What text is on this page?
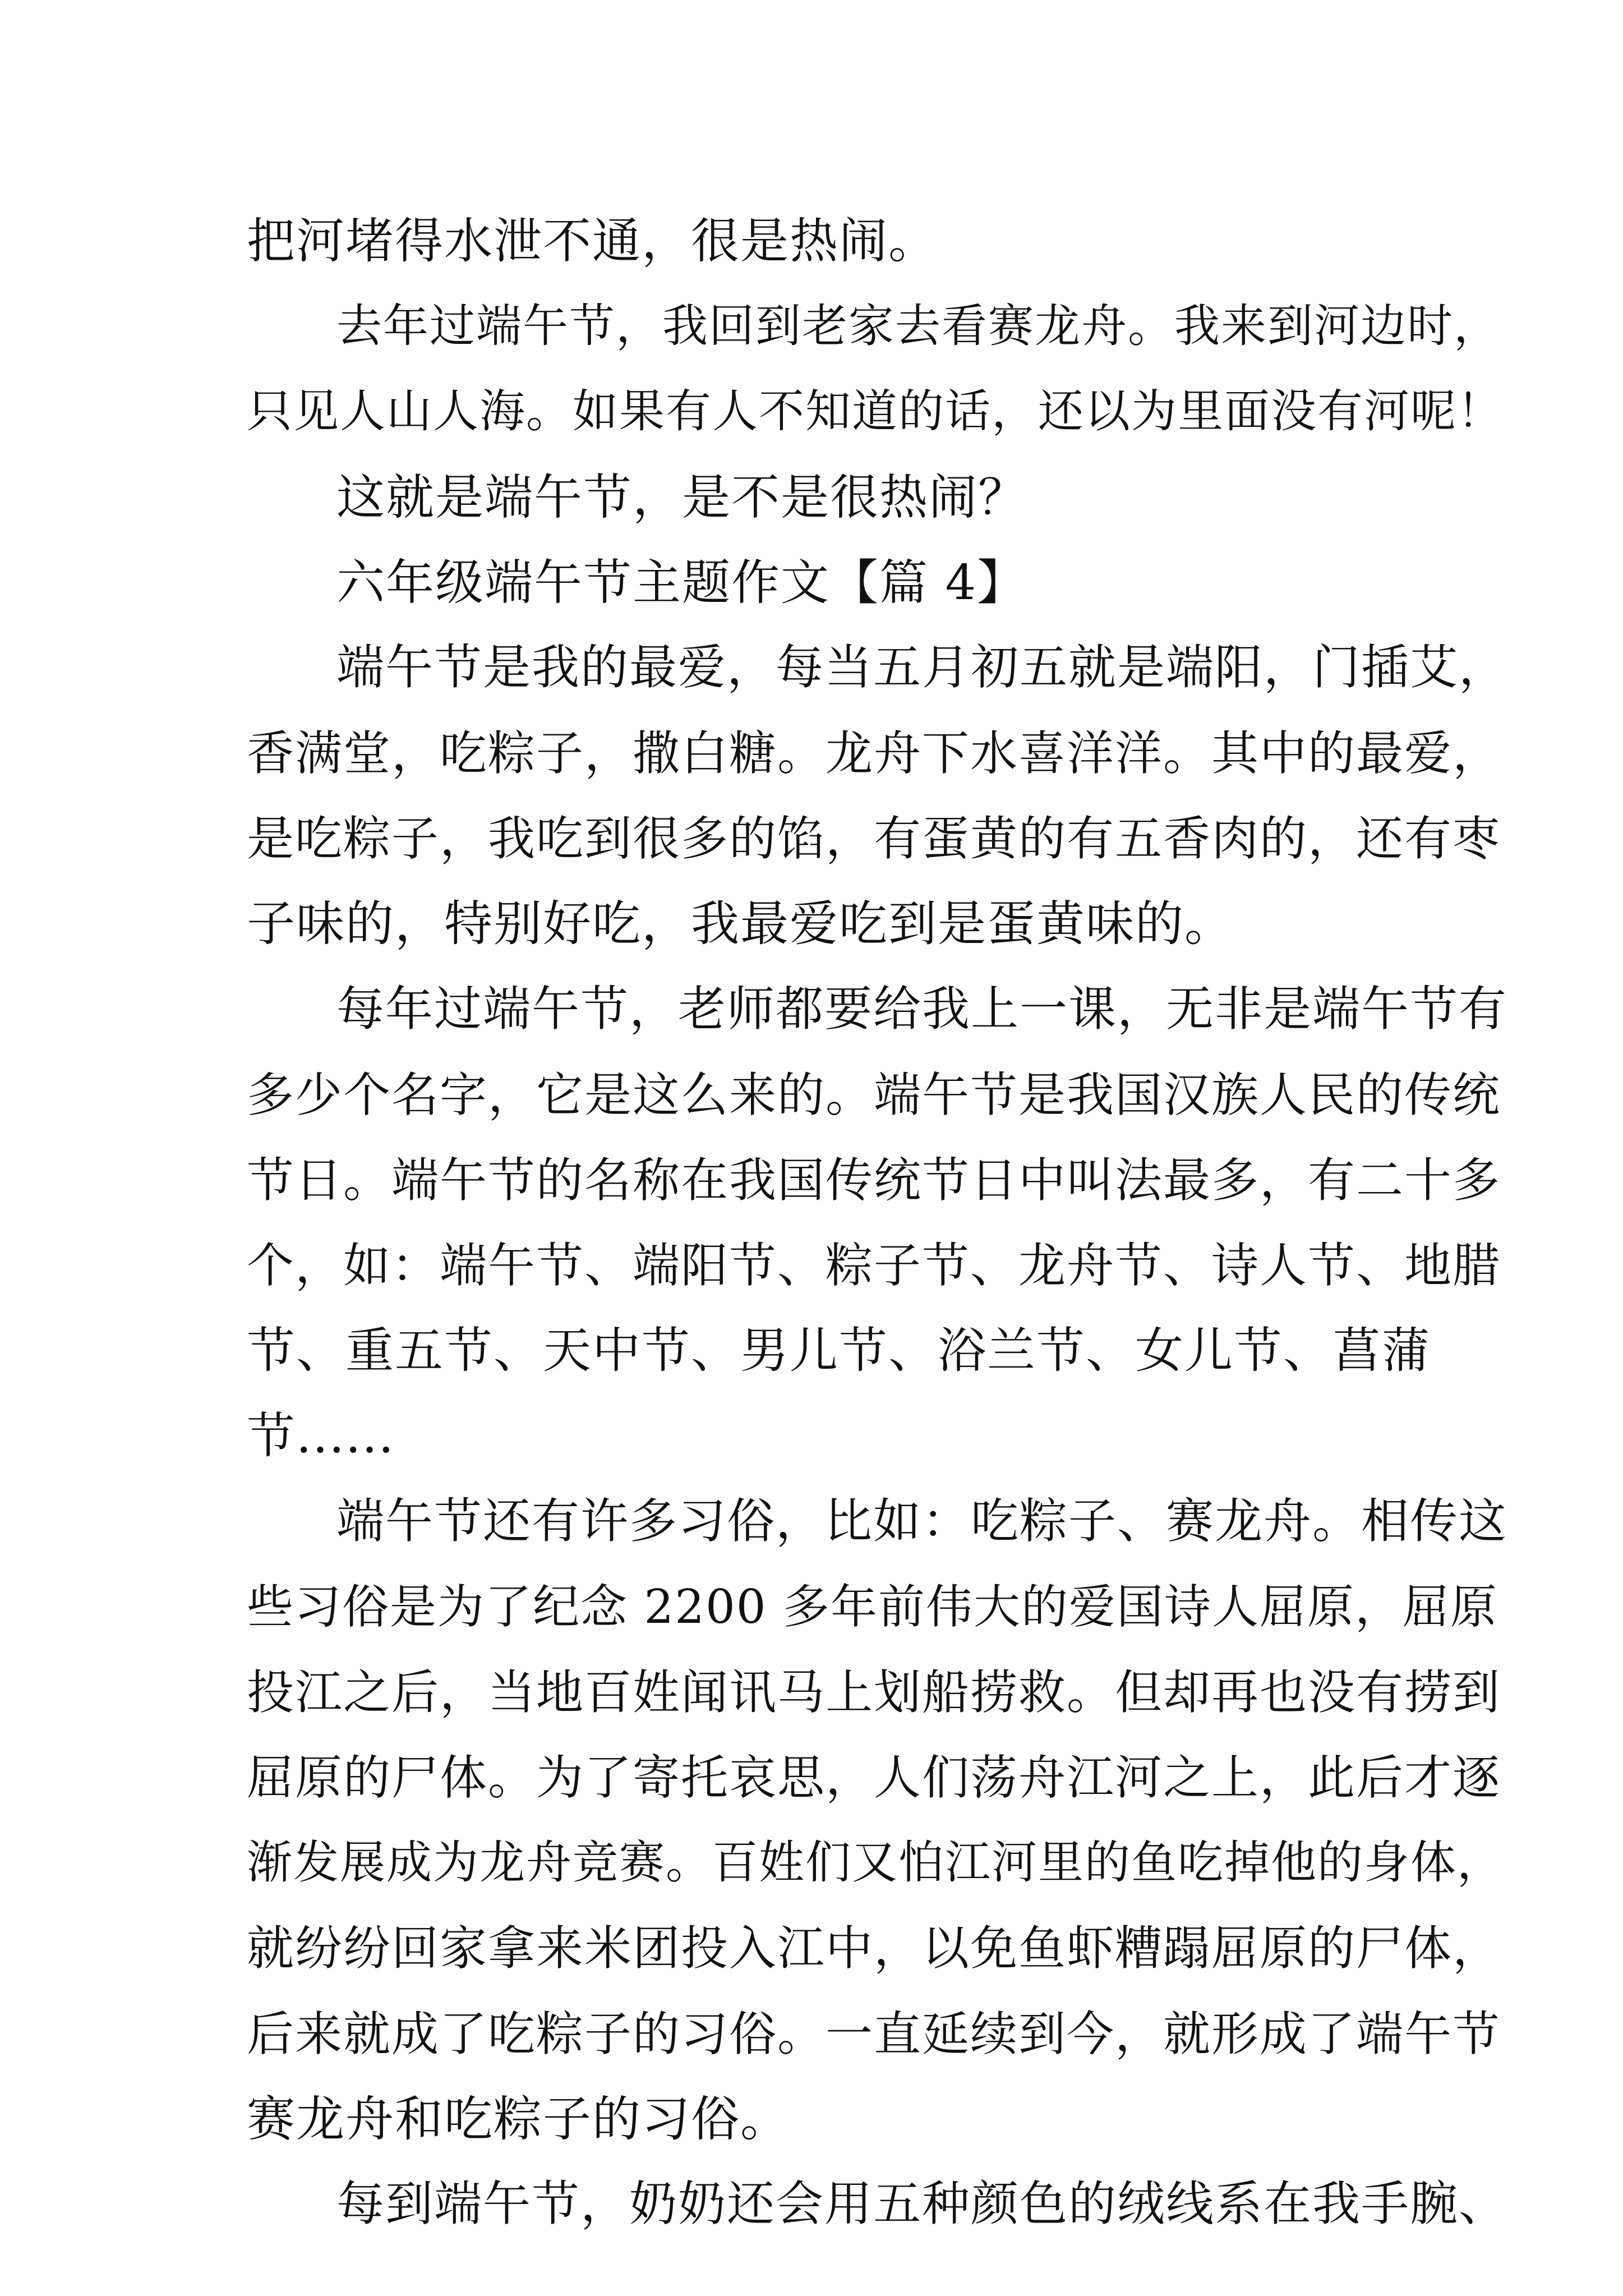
把河堵得水泄不通，很是热闹。
去年过端午节，我回到老家去看赛龙舟。我来到河边时，
只见人山人海。如果有人不知道的话，还以为里面没有河呢！
这就是端午节，是不是很热闹？
六年级端午节主题作文【篇 4】
端午节是我的最爱，每当五月初五就是端阳，门插艾，
香满堂，吃粽子，撒白糖。龙舟下水喜洋洋。其中的最爱，
是吃粽子，我吃到很多的馅，有蛋黄的有五香肉的，还有枣
子味的，特别好吃，我最爱吃到是蛋黄味的。
每年过端午节，老师都要给我上一课，无非是端午节有
多少个名字，它是这么来的。端午节是我国汉族人民的传统
节日。端午节的名称在我国传统节日中叫法最多，有二十多
个，如：端午节、端阳节、粽子节、龙舟节、诗人节、地腊
节、重五节、天中节、男儿节、浴兰节、女儿节、菖蒲
节......
端午节还有许多习俗，比如：吃粽子、赛龙舟。相传这
些习俗是为了纪念 2200 多年前伟大的爱国诗人屈原，屈原
投江之后，当地百姓闻讯马上划船捞救。但却再也没有捞到
屈原的尸体。为了寄托哀思，人们荡舟江河之上，此后才逐
渐发展成为龙舟竞赛。百姓们又怕江河里的鱼吃掉他的身体，
就纷纷回家拿来米团投入江中，以免鱼虾糟蹋屈原的尸体，
后来就成了吃粽子的习俗。一直延续到今，就形成了端午节
赛龙舟和吃粽子的习俗。
每到端午节，奶奶还会用五种颜色的绒线系在我手腕、
